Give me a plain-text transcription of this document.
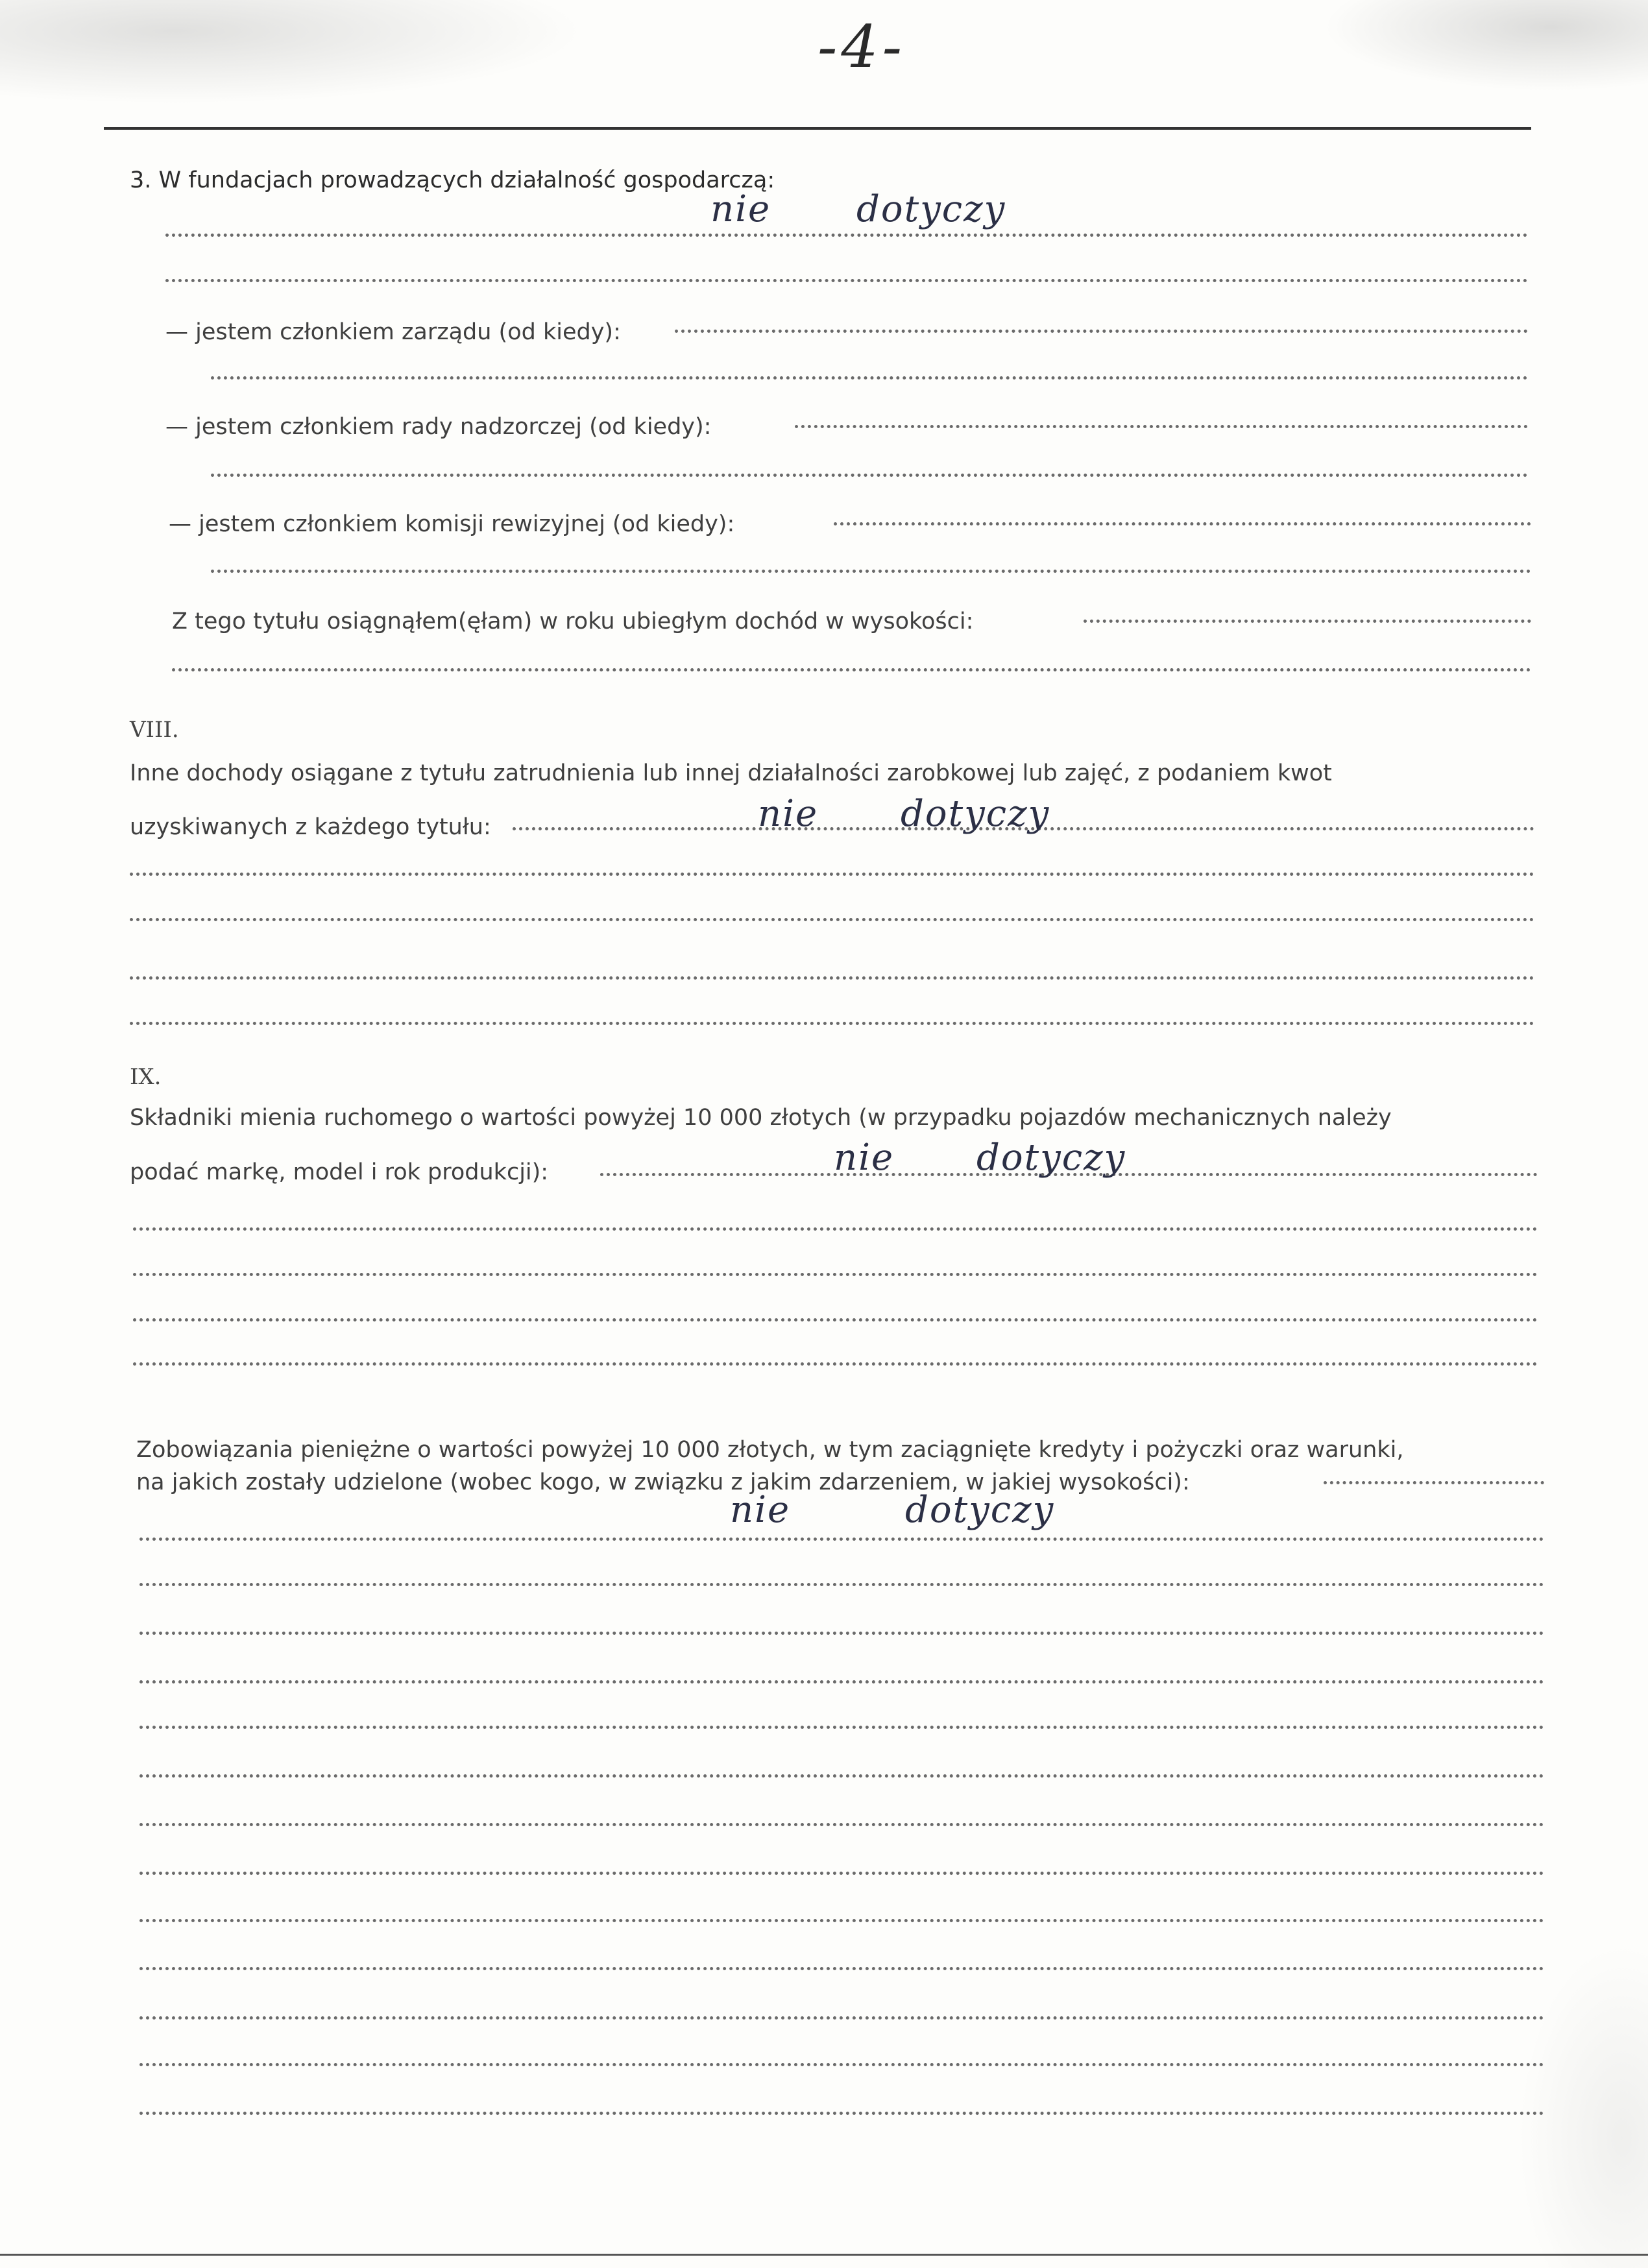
-4-
3. W fundacjach prowadzących działalność gospodarczą:
nie dotyczy
— jestem członkiem zarządu (od kiedy):
— jestem członkiem rady nadzorczej (od kiedy):
— jestem członkiem komisji rewizyjnej (od kiedy):
Z tego tytułu osiągnąłem(ęłam) w roku ubiegłym dochód w wysokości:
VIII.
Inne dochody osiągane z tytułu zatrudnienia lub innej działalności zarobkowej lub zajęć, z podaniem kwot
uzyskiwanych z każdego tytułu:	nie dotyczy
IX.
Składniki mienia ruchomego o wartości powyżej 10 000 złotych (w przypadku pojazdów mechanicznych należy
podać markę, model i rok produkcji):	nie dotyczy
Zobowiązania pieniężne o wartości powyżej 10 000 złotych, w tym zaciągnięte kredyty i pożyczki oraz warunki,
na jakich zostały udzielone (wobec kogo, w związku z jakim zdarzeniem, w jakiej wysokości):
nie	dotyczy
